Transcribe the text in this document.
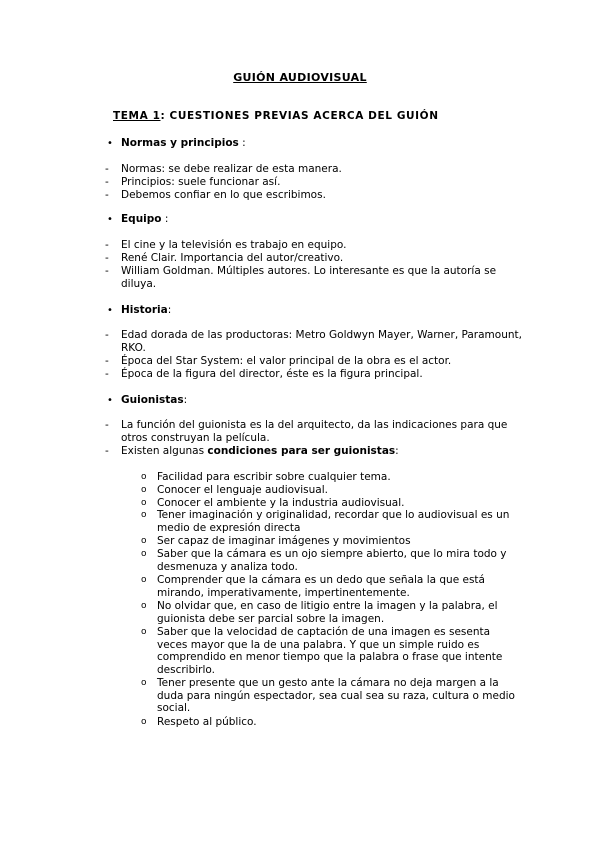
GUIÓN AUDIOVISUAL
TEMA 1: CUESTIONES PREVIAS ACERCA DEL GUIÓN
• Normas y principios :
- Normas: se debe realizar de esta manera.
- Principios: suele funcionar así.
- Debemos confiar en lo que escribimos.
• Equipo :
- El cine y la televisión es trabajo en equipo.
- René Clair. Importancia del autor/creativo.
- William Goldman. Múltiples autores. Lo interesante es que la autoría se diluya.
• Historia:
- Edad dorada de las productoras: Metro Goldwyn Mayer, Warner, Paramount, RKO.
- Época del Star System: el valor principal de la obra es el actor.
- Época de la figura del director, éste es la figura principal.
• Guionistas:
- La función del guionista es la del arquitecto, da las indicaciones para que otros construyan la película.
- Existen algunas condiciones para ser guionistas:
o Facilidad para escribir sobre cualquier tema.
o Conocer el lenguaje audiovisual.
o Conocer el ambiente y la industria audiovisual.
o Tener imaginación y originalidad, recordar que lo audiovisual es un medio de expresión directa
o Ser capaz de imaginar imágenes y movimientos
o Saber que la cámara es un ojo siempre abierto, que lo mira todo y desmenuza y analiza todo.
o Comprender que la cámara es un dedo que señala la que está mirando, imperativamente, impertinentemente.
o No olvidar que, en caso de litigio entre la imagen y la palabra, el guionista debe ser parcial sobre la imagen.
o Saber que la velocidad de captación de una imagen es sesenta veces mayor que la de una palabra. Y que un simple ruido es comprendido en menor tiempo que la palabra o frase que intente describirlo.
o Tener presente que un gesto ante la cámara no deja margen a la duda para ningún espectador, sea cual sea su raza, cultura o medio social.
o Respeto al público.
